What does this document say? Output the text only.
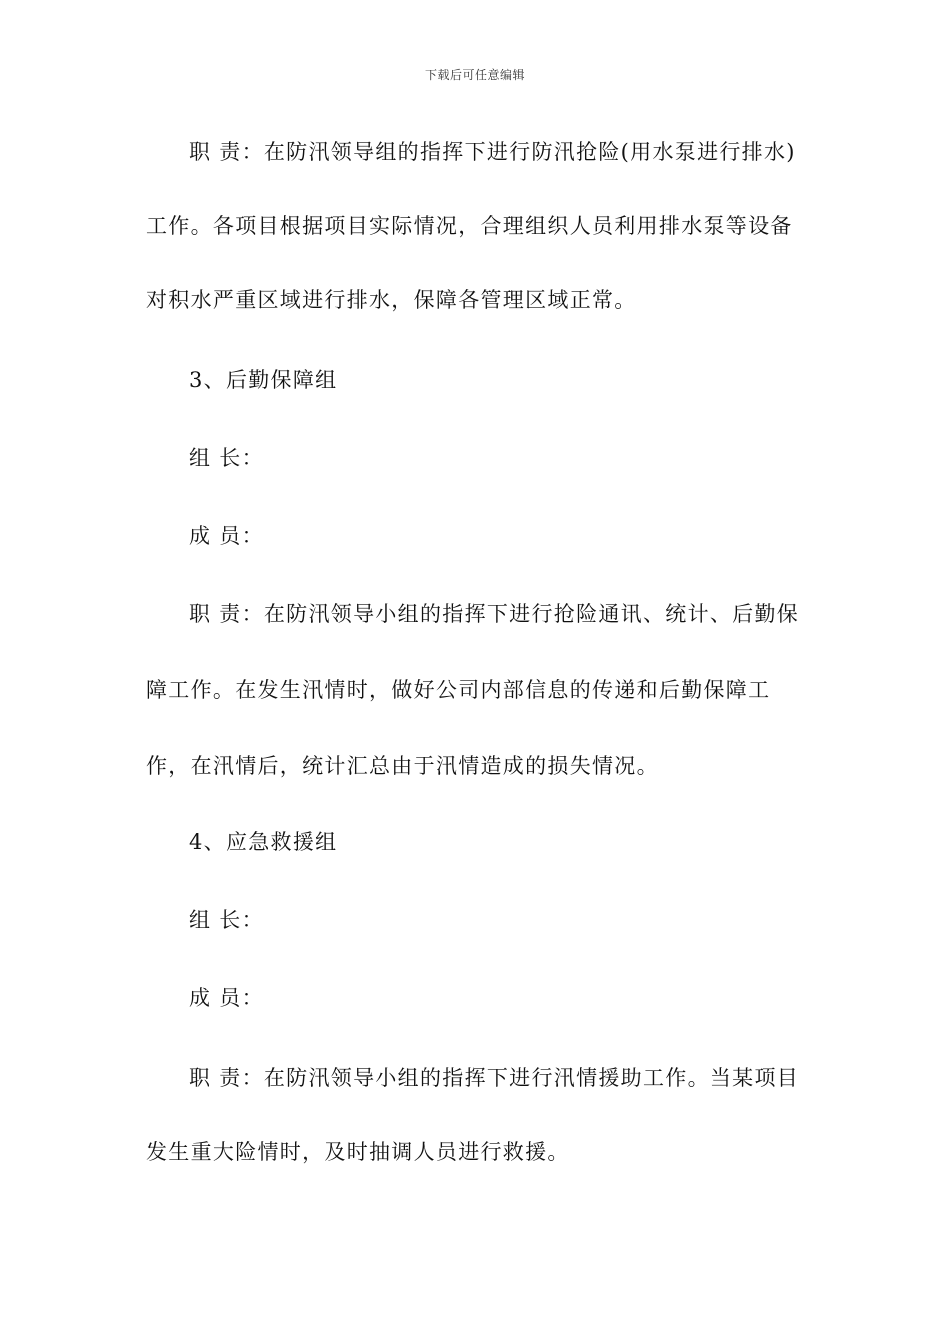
下载后可任意编辑
职 责：在防汛领导组的指挥下进行防汛抢险(用水泵进行排水)
工作。各项目根据项目实际情况，合理组织人员利用排水泵等设备
对积水严重区域进行排水，保障各管理区域正常。
3、后勤保障组
组 长：
成 员：
职 责：在防汛领导小组的指挥下进行抢险通讯、统计、后勤保
障工作。在发生汛情时，做好公司内部信息的传递和后勤保障工
作，在汛情后，统计汇总由于汛情造成的损失情况。
4、应急救援组
组 长：
成 员：
职 责：在防汛领导小组的指挥下进行汛情援助工作。当某项目
发生重大险情时，及时抽调人员进行救援。
